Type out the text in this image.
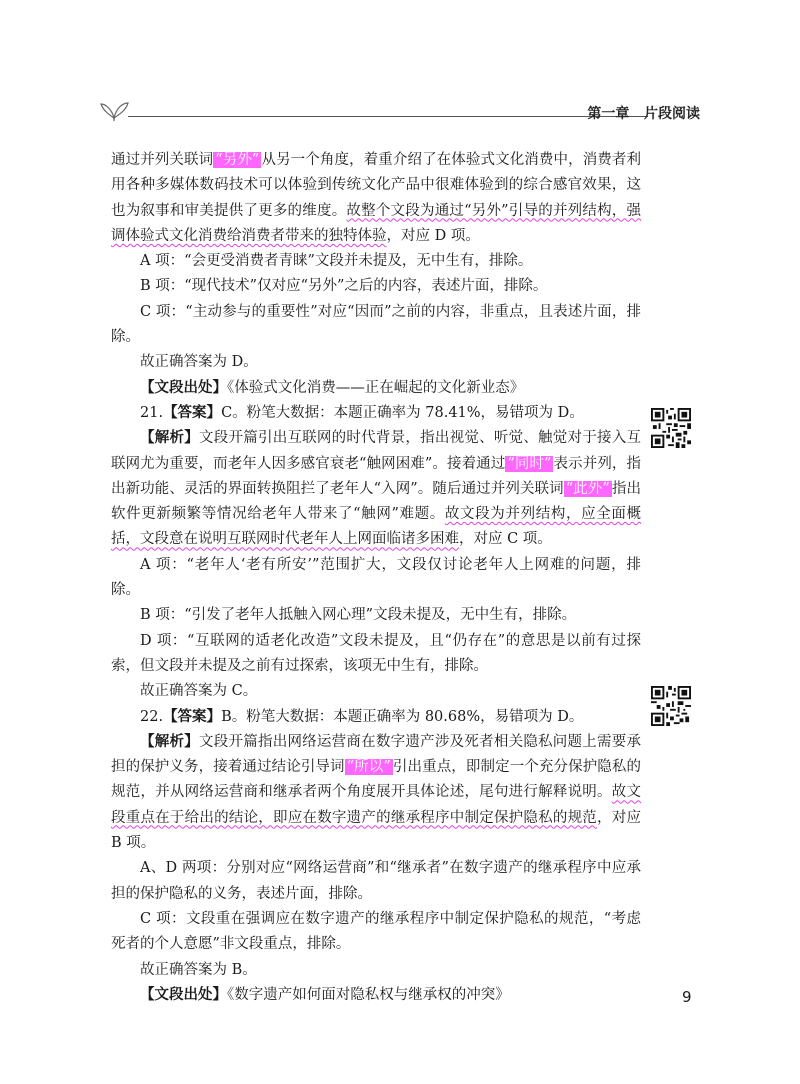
第一章 片段阅读

通过并列关联词 “另外” 从另一个角度，着重介绍了在体验式文化消费中，消费者利用各种多媒体数码技术可以体验到传统文化产品中很难体验到的综合感官效果，这也为叙事和审美提供了更多的维度。故整个文段为通过“另外”引导的并列结构，强调体验式文化消费给消费者带来的独特体验，对应 D 项。

A 项：“会更受消费者青睐”文段并未提及，无中生有，排除。

B 项：“现代技术”仅对应“另外”之后的内容，表述片面，排除。

C 项：“主动参与的重要性”对应“因而”之前的内容，非重点，且表述片面，排除。

故正确答案为 D。

【文段出处】《体验式文化消费——正在崛起的文化新业态》

21.【答案】C。粉笔大数据：本题正确率为 78.41%，易错项为 D。

【解析】文段开篇引出互联网的时代背景，指出视觉、听觉、触觉对于接入互联网尤为重要，而老年人因多感官衰老“触网困难”。接着通过 “同时” 表示并列，指出新功能、灵活的界面转换阻拦了老年人“入网”。随后通过并列关联词 “此外” 指出软件更新频繁等情况给老年人带来了“触网”难题。故文段为并列结构，应全面概括，文段意在说明互联网时代老年人上网面临诸多困难，对应 C 项。

A 项：“老年人‘老有所安’”范围扩大，文段仅讨论老年人上网难的问题，排除。

B 项：“引发了老年人抵触入网心理”文段未提及，无中生有，排除。

D 项：“互联网的适老化改造”文段未提及，且“仍存在”的意思是以前有过探索，但文段并未提及之前有过探索，该项无中生有，排除。

故正确答案为 C。

22.【答案】B。粉笔大数据：本题正确率为 80.68%，易错项为 D。

【解析】文段开篇指出网络运营商在数字遗产涉及死者相关隐私问题上需要承担的保护义务，接着通过结论引导词 “所以” 引出重点，即制定一个充分保护隐私的规范，并从网络运营商和继承者两个角度展开具体论述，尾句进行解释说明。故文段重点在于给出的结论，即应在数字遗产的继承程序中制定保护隐私的规范，对应 B 项。

A、D 两项：分别对应“网络运营商”和“继承者”在数字遗产的继承程序中应承担的保护隐私的义务，表述片面，排除。

C 项：文段重在强调应在数字遗产的继承程序中制定保护隐私的规范，“考虑死者的个人意愿”非文段重点，排除。

故正确答案为 B。

【文段出处】《数字遗产如何面对隐私权与继承权的冲突》	9
